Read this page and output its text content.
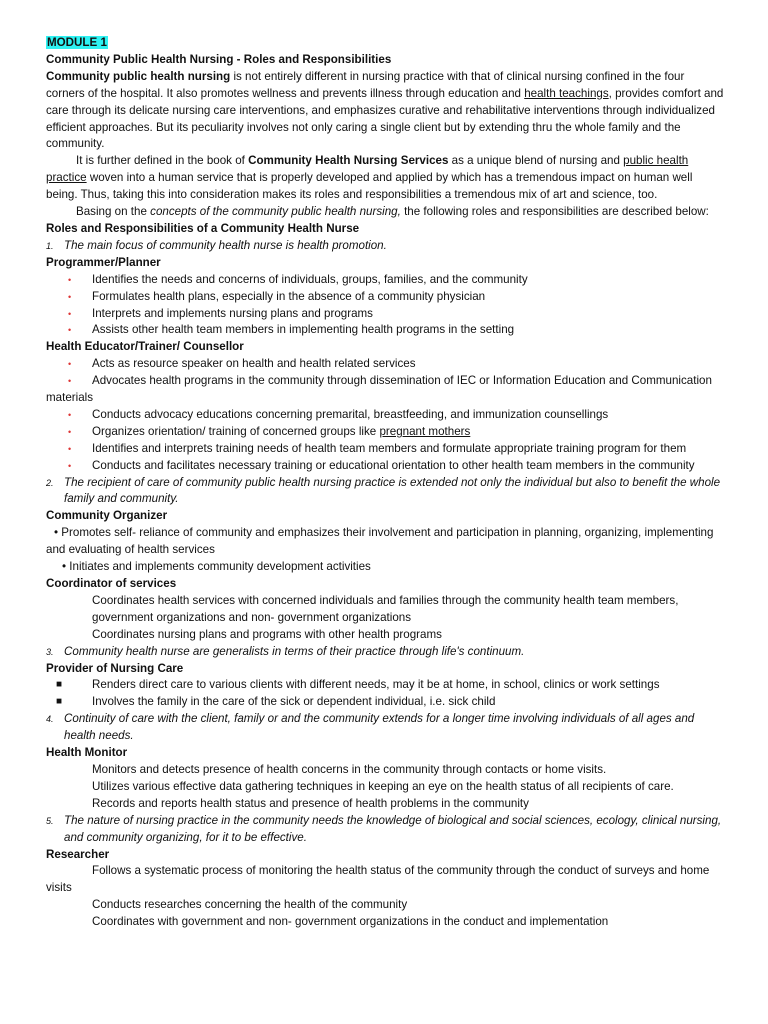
MODULE 1

Community Public Health Nursing - Roles and Responsibilities

Community public health nursing is not entirely different in nursing practice with that of clinical nursing confined in the four corners of the hospital. It also promotes wellness and prevents illness through education and health teachings, provides comfort and care through its delicate nursing care interventions, and emphasizes curative and rehabilitative interventions through individualized efficient approaches. But its peculiarity involves not only caring a single client but by extending thru the whole family and the community.

It is further defined in the book of Community Health Nursing Services as a unique blend of nursing and public health practice woven into a human service that is properly developed and applied by which has a tremendous impact on human well being. Thus, taking this into consideration makes its roles and responsibilities a tremendous mix of art and science, too.

Basing on the concepts of the community public health nursing, the following roles and responsibilities are described below:

Roles and Responsibilities of a Community Health Nurse

1. The main focus of community health nurse is health promotion.

Programmer/Planner

• Identifies the needs and concerns of individuals, groups, families, and the community

• Formulates health plans, especially in the absence of a community physician

• Interprets and implements nursing plans and programs

• Assists other health team members in implementing health programs in the setting

Health Educator/Trainer/ Counsellor

• Acts as resource speaker on health and health related services

• Advocates health programs in the community through dissemination of IEC or Information Education and Communication materials

• Conducts advocacy educations concerning premarital, breastfeeding, and immunization counsellings

• Organizes orientation/ training of concerned groups like pregnant mothers

• Identifies and interprets training needs of health team members and formulate appropriate training program for them

• Conducts and facilitates necessary training or educational orientation to other health team members in the community

2. The recipient of care of community public health nursing practice is extended not only the individual but also to benefit the whole family and community.

Community Organizer

• Promotes self- reliance of community and emphasizes their involvement and participation in planning, organizing, implementing and evaluating of health services

• Initiates and implements community development activities

Coordinator of services

Coordinates health services with concerned individuals and families through the community health team members, government organizations and non- government organizations

Coordinates nursing plans and programs with other health programs

3. Community health nurse are generalists in terms of their practice through life's continuum.

Provider of Nursing Care

■	Renders direct care to various clients with different needs, may it be at home, in school, clinics or work settings

■	Involves the family in the care of the sick or dependent individual, i.e. sick child

4. Continuity of care with the client, family or and the community extends for a longer time involving individuals of all ages and health needs.

Health Monitor

Monitors and detects presence of health concerns in the community through contacts or home visits.

Utilizes various effective data gathering techniques in keeping an eye on the health status of all recipients of care.

Records and reports health status and presence of health problems in the community

5. The nature of nursing practice in the community needs the knowledge of biological and social sciences, ecology, clinical nursing, and community organizing, for it to be effective.

Researcher

Follows a systematic process of monitoring the health status of the community through the conduct of surveys and home visits

Conducts researches concerning the health of the community

Coordinates with government and non- government organizations in the conduct and implementation
